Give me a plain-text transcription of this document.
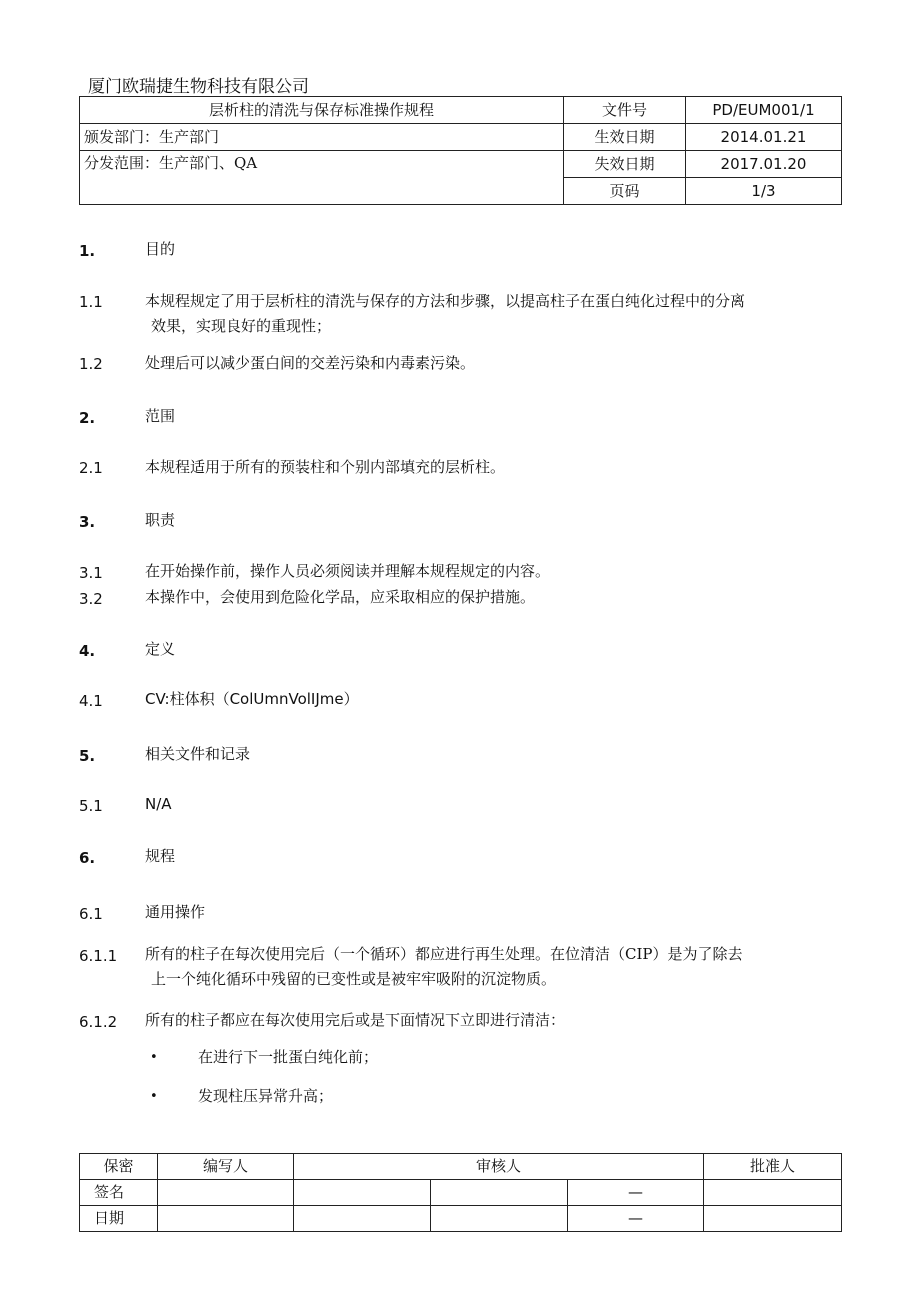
厦门欧瑞捷生物科技有限公司
层析柱的清洗与保存标准操作规程	文件号	PD/EUM001/1
颁发部门：生产部门	生效日期	2014.01.21
分发范围：生产部门、QA	失效日期	2017.01.20
	页码	1/3
1.	目的
1.1	本规程规定了用于层析柱的清洗与保存的方法和步骤，以提高柱子在蛋白纯化过程中的分离
效果，实现良好的重现性；
1.2	处理后可以减少蛋白间的交差污染和内毒素污染。
2.	范围
2.1	本规程适用于所有的预装柱和个别内部填充的层析柱。
3.	职责
3.1	在开始操作前，操作人员必须阅读并理解本规程规定的内容。
3.2	本操作中，会使用到危险化学品，应采取相应的保护措施。
4.	定义
4.1	CV:柱体积（ColUmnVolIJme）
5.	相关文件和记录
5.1	N/A
6.	规程
6.1	通用操作
6.1.1 所有的柱子在每次使用完后（一个循环）都应进行再生处理。在位清洁（CIP）是为了除去
上一个纯化循环中残留的已变性或是被牢牢吸附的沉淀物质。
6.1.2 所有的柱子都应在每次使用完后或是下面情况下立即进行清洁：
•	在进行下一批蛋白纯化前；
•	发现柱压异常升高；
保密	编写人	审核人			批准人
签名				—	
日期				—	
